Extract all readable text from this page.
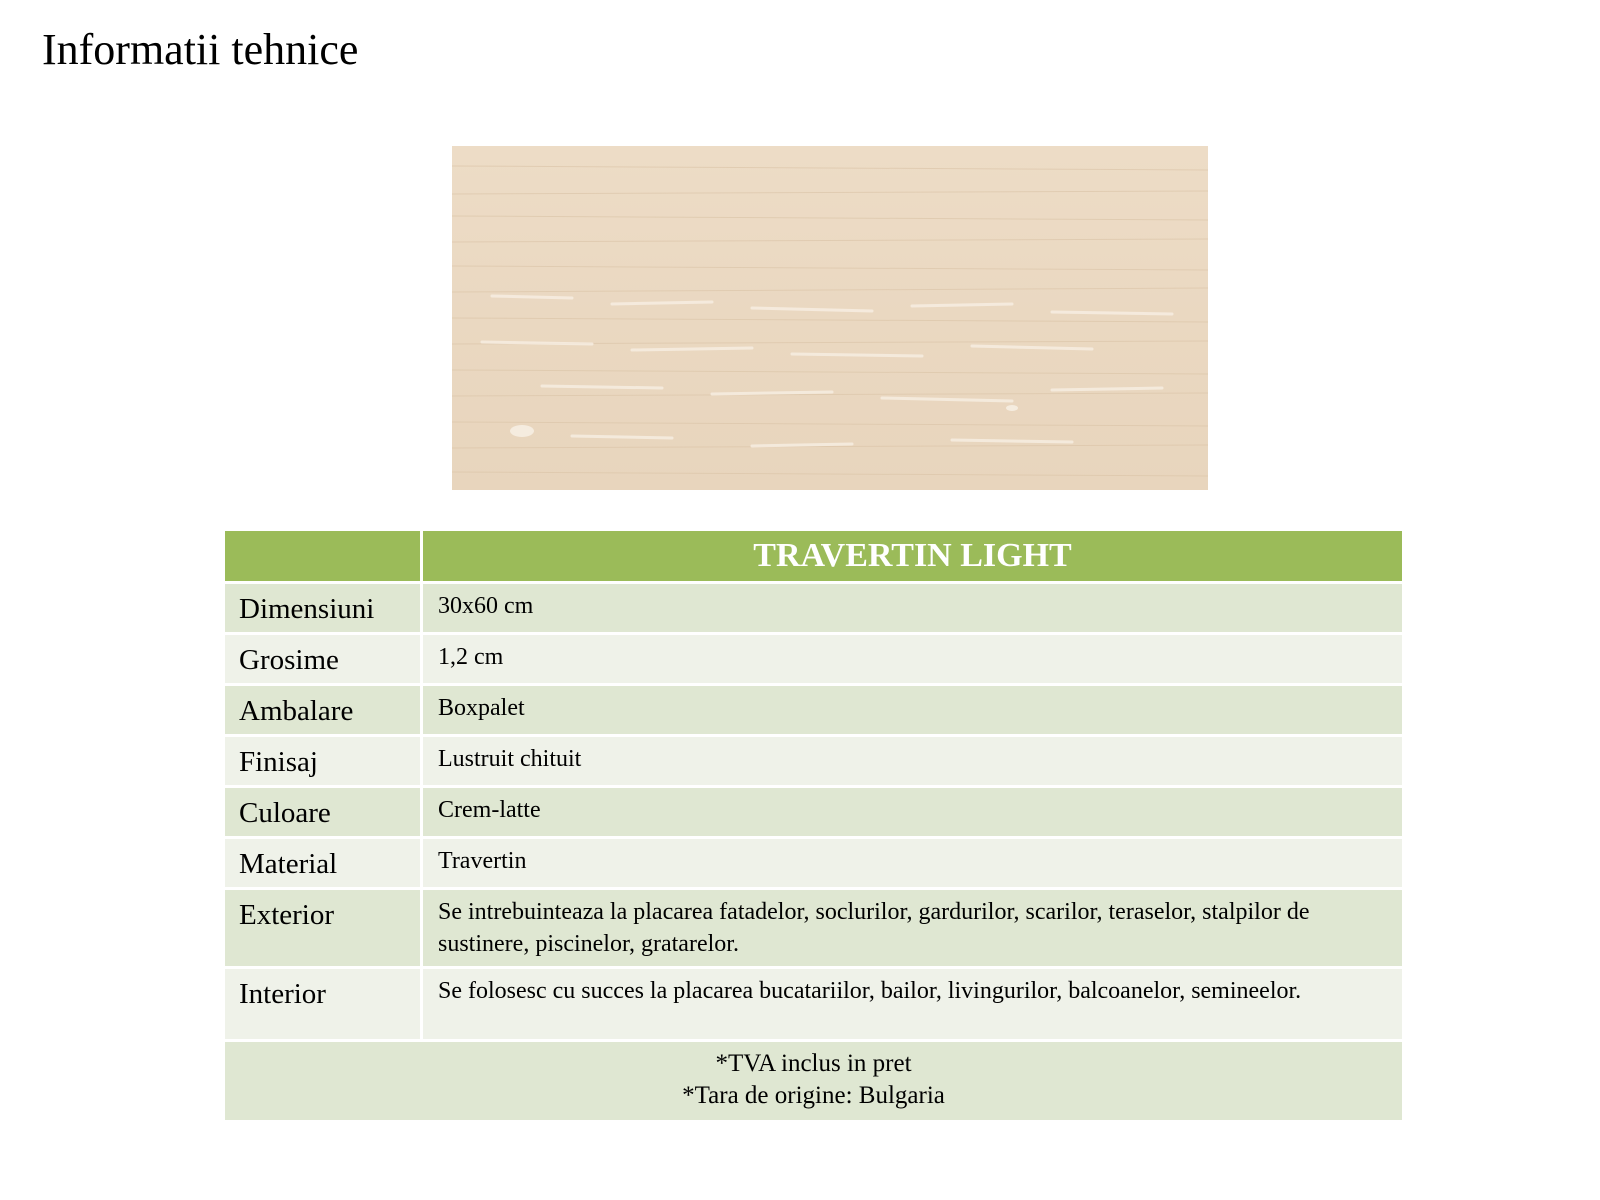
Informatii tehnice
	TRAVERTIN LIGHT
Dimensiuni	30x60 cm
Grosime	1,2 cm
Ambalare	Boxpalet
Finisaj	Lustruit chituit
Culoare	Crem-latte
Material	Travertin
Exterior	Se intrebuinteaza la placarea fatadelor, soclurilor, gardurilor, scarilor, teraselor, stalpilor de sustinere, piscinelor, gratarelor.
Interior	Se folosesc cu succes la placarea bucatariilor, bailor, livingurilor, balcoanelor, semineelor.

*TVA inclus in pret
*Tara de origine: Bulgaria	
